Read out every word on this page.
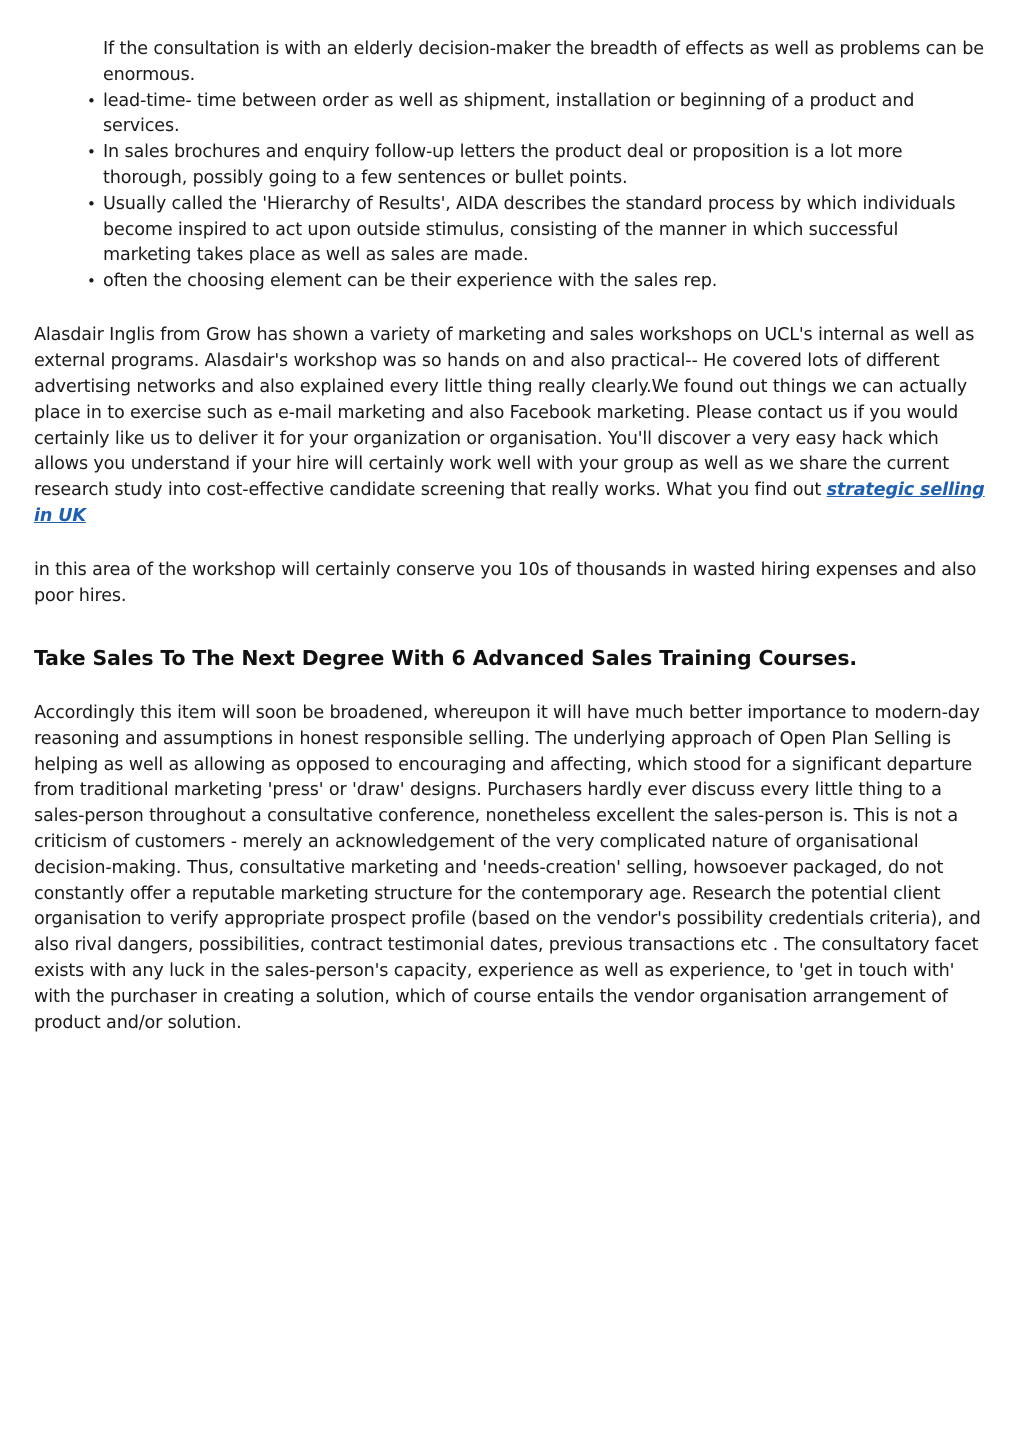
If the consultation is with an elderly decision-maker the breadth of effects as well as problems can be enormous.
• lead-time- time between order as well as shipment, installation or beginning of a product and services.
• In sales brochures and enquiry follow-up letters the product deal or proposition is a lot more thorough, possibly going to a few sentences or bullet points.
• Usually called the 'Hierarchy of Results', AIDA describes the standard process by which individuals become inspired to act upon outside stimulus, consisting of the manner in which successful marketing takes place as well as sales are made.
• often the choosing element can be their experience with the sales rep.

Alasdair Inglis from Grow has shown a variety of marketing and sales workshops on UCL's internal as well as external programs. Alasdair's workshop was so hands on and also practical-- He covered lots of different advertising networks and also explained every little thing really clearly.We found out things we can actually place in to exercise such as e-mail marketing and also Facebook marketing. Please contact us if you would certainly like us to deliver it for your organization or organisation. You'll discover a very easy hack which allows you understand if your hire will certainly work well with your group as well as we share the current research study into cost-effective candidate screening that really works. What you find out strategic selling in UK

in this area of the workshop will certainly conserve you 10s of thousands in wasted hiring expenses and also poor hires.

Take Sales To The Next Degree With 6 Advanced Sales Training Courses.

Accordingly this item will soon be broadened, whereupon it will have much better importance to modern-day reasoning and assumptions in honest responsible selling. The underlying approach of Open Plan Selling is helping as well as allowing as opposed to encouraging and affecting, which stood for a significant departure from traditional marketing 'press' or 'draw' designs. Purchasers hardly ever discuss every little thing to a sales-person throughout a consultative conference, nonetheless excellent the sales-person is. This is not a criticism of customers - merely an acknowledgement of the very complicated nature of organisational decision-making. Thus, consultative marketing and 'needs-creation' selling, howsoever packaged, do not constantly offer a reputable marketing structure for the contemporary age. Research the potential client organisation to verify appropriate prospect profile (based on the vendor's possibility credentials criteria), and also rival dangers, possibilities, contract testimonial dates, previous transactions etc . The consultatory facet exists with any luck in the sales-person's capacity, experience as well as experience, to 'get in touch with' with the purchaser in creating a solution, which of course entails the vendor organisation arrangement of product and/or solution.
